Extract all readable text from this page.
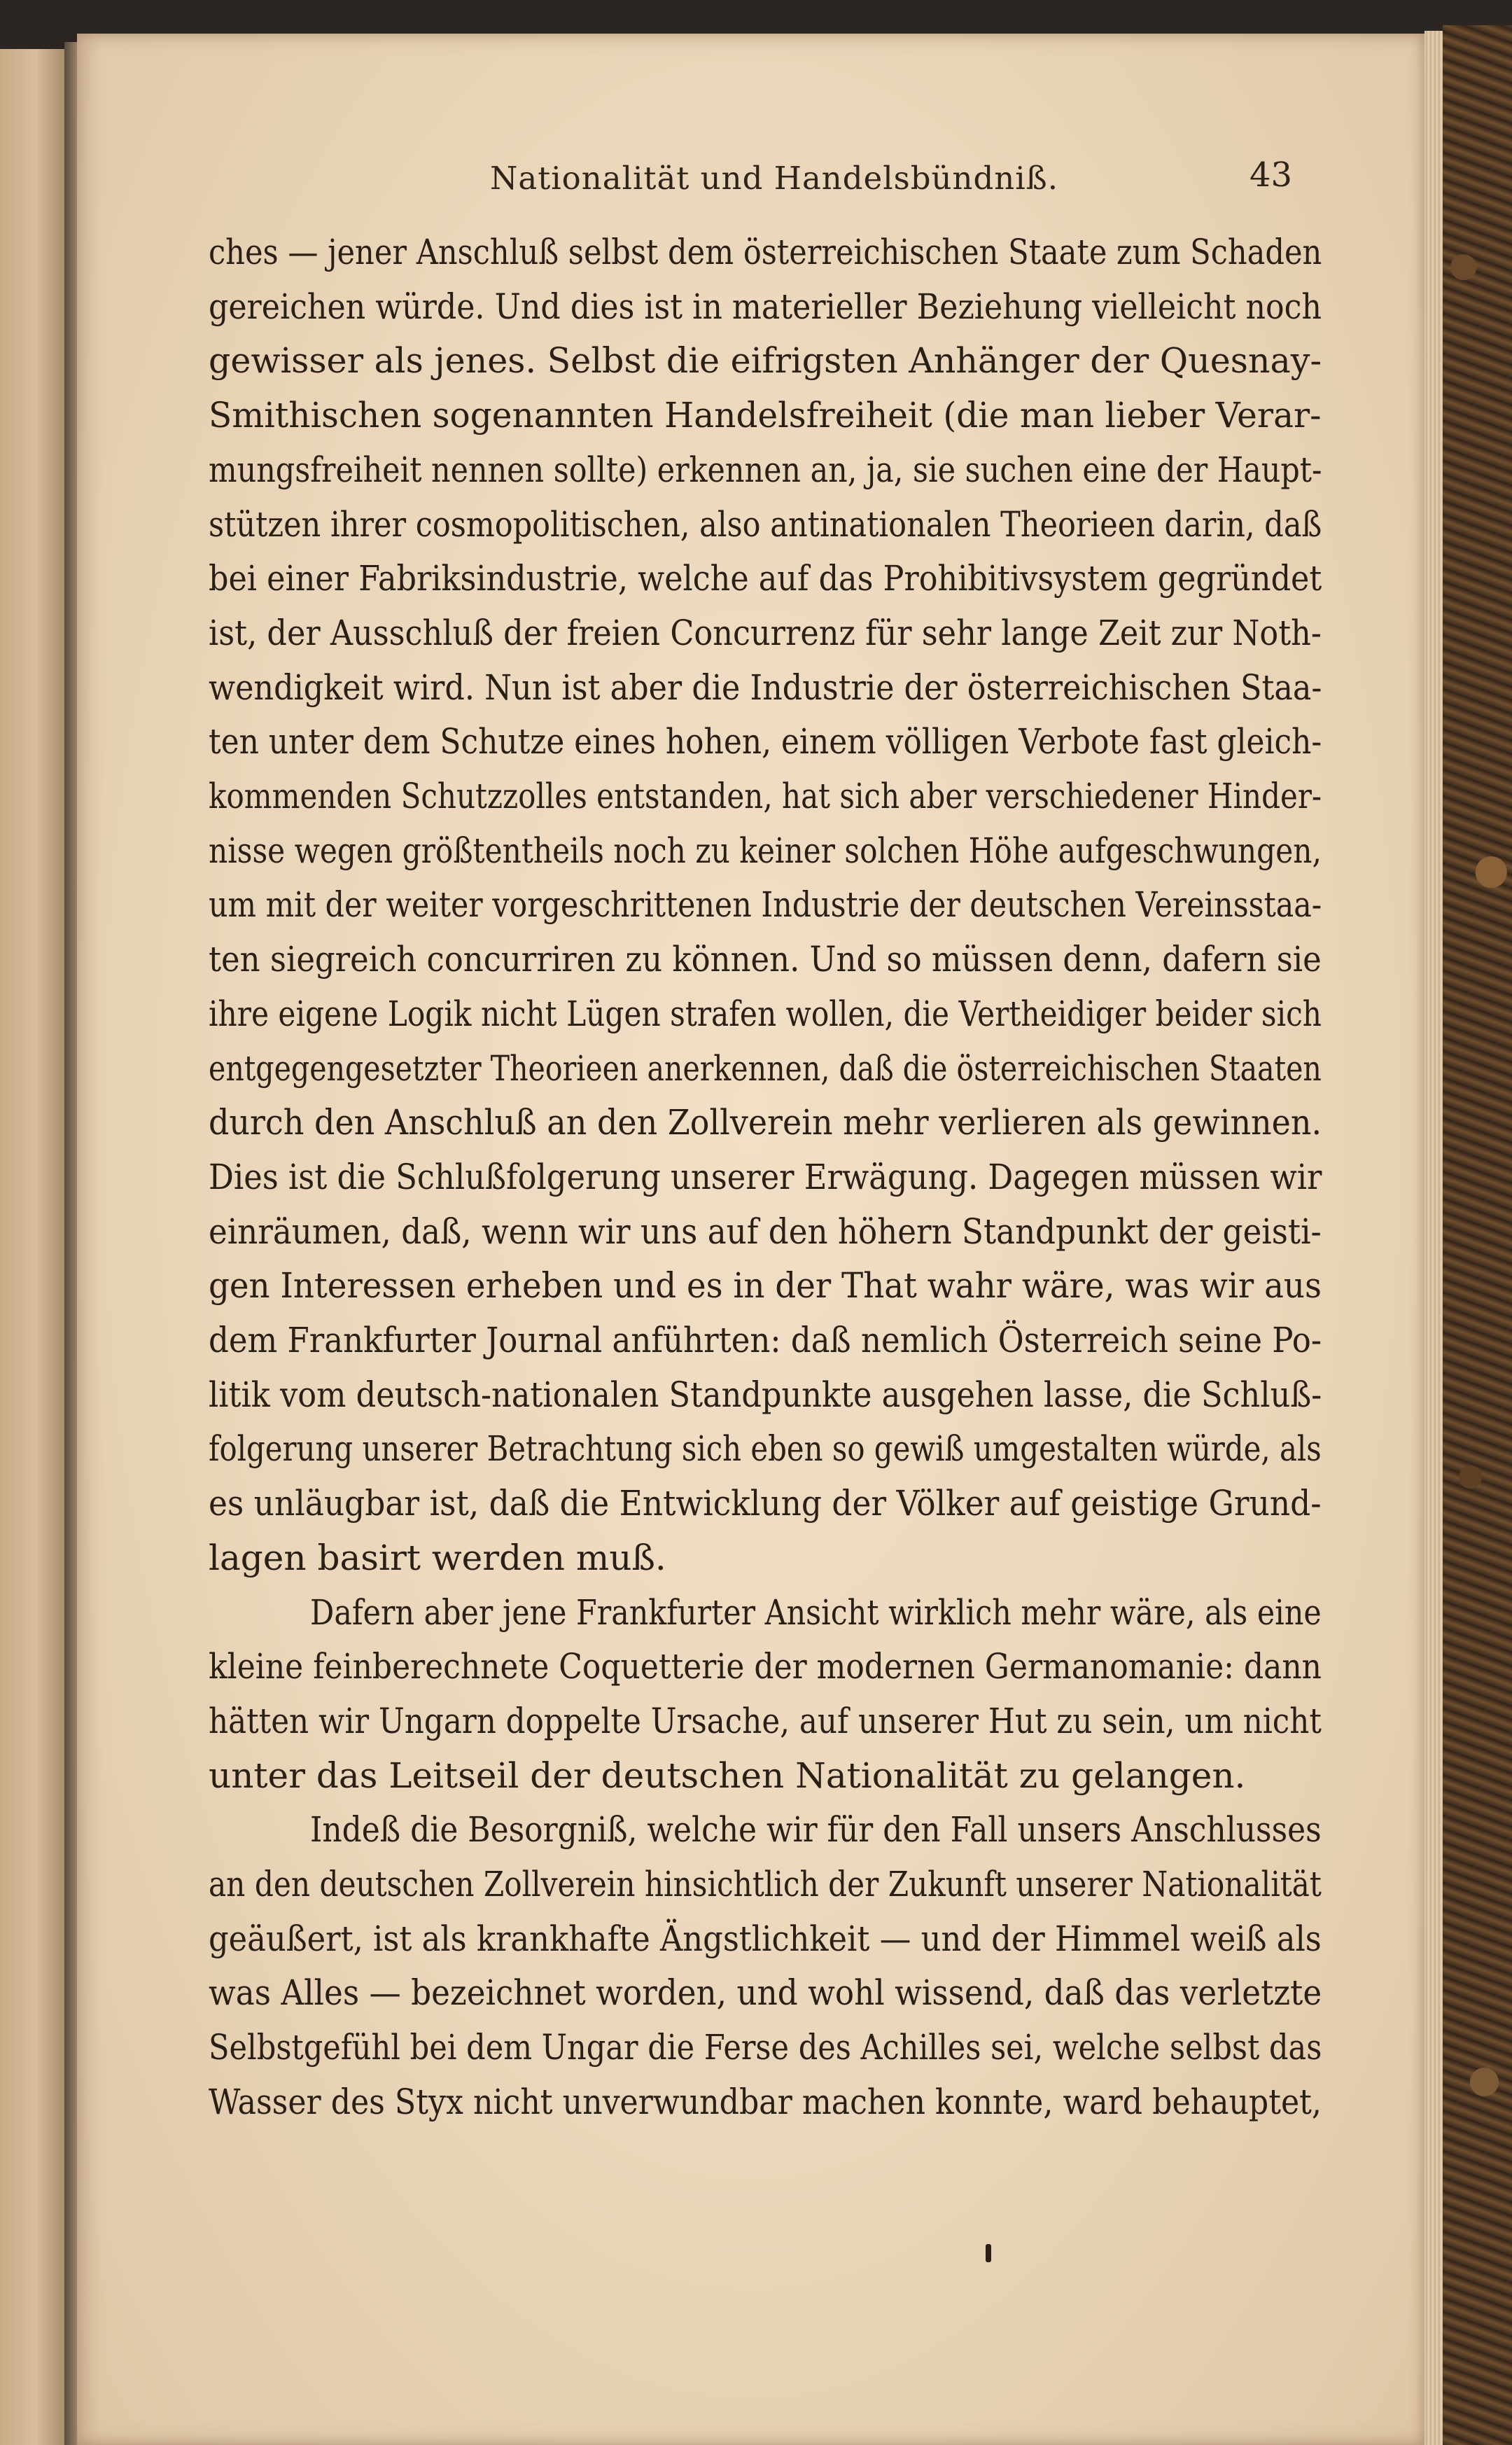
Nationalität und Handelsbündniß.	43
ches — jener Anschluß selbst dem österreichischen Staate zum Schaden
gereichen würde. Und dies ist in materieller Beziehung vielleicht noch
gewisser als jenes. Selbst die eifrigsten Anhänger der Quesnay-
Smithischen sogenannten Handelsfreiheit (die man lieber Verar-
mungsfreiheit nennen sollte) erkennen an, ja, sie suchen eine der Haupt-
stützen ihrer cosmopolitischen, also antinationalen Theorieen darin, daß
bei einer Fabriksindustrie, welche auf das Prohibitivsystem gegründet
ist, der Ausschluß der freien Concurrenz für sehr lange Zeit zur Noth-
wendigkeit wird. Nun ist aber die Industrie der österreichischen Staa-
ten unter dem Schutze eines hohen, einem völligen Verbote fast gleich-
kommenden Schutzzolles entstanden, hat sich aber verschiedener Hinder-
nisse wegen größtentheils noch zu keiner solchen Höhe aufgeschwungen,
um mit der weiter vorgeschrittenen Industrie der deutschen Vereinsstaa-
ten siegreich concurriren zu können. Und so müssen denn, dafern sie
ihre eigene Logik nicht Lügen strafen wollen, die Vertheidiger beider sich
entgegengesetzter Theorieen anerkennen, daß die österreichischen Staaten
durch den Anschluß an den Zollverein mehr verlieren als gewinnen.
Dies ist die Schlußfolgerung unserer Erwägung. Dagegen müssen wir
einräumen, daß, wenn wir uns auf den höhern Standpunkt der geisti-
gen Interessen erheben und es in der That wahr wäre, was wir aus
dem Frankfurter Journal anführten: daß nemlich Österreich seine Po-
litik vom deutsch-nationalen Standpunkte ausgehen lasse, die Schluß-
folgerung unserer Betrachtung sich eben so gewiß umgestalten würde, als
es unläugbar ist, daß die Entwicklung der Völker auf geistige Grund-
lagen basirt werden muß.
Dafern aber jene Frankfurter Ansicht wirklich mehr wäre, als eine
kleine feinberechnete Coquetterie der modernen Germanomanie: dann
hätten wir Ungarn doppelte Ursache, auf unserer Hut zu sein, um nicht
unter das Leitseil der deutschen Nationalität zu gelangen.
Indeß die Besorgniß, welche wir für den Fall unsers Anschlusses
an den deutschen Zollverein hinsichtlich der Zukunft unserer Nationalität
geäußert, ist als krankhafte Ängstlichkeit — und der Himmel weiß als
was Alles — bezeichnet worden, und wohl wissend, daß das verletzte
Selbstgefühl bei dem Ungar die Ferse des Achilles sei, welche selbst das
Wasser des Styx nicht unverwundbar machen konnte, ward behauptet,
